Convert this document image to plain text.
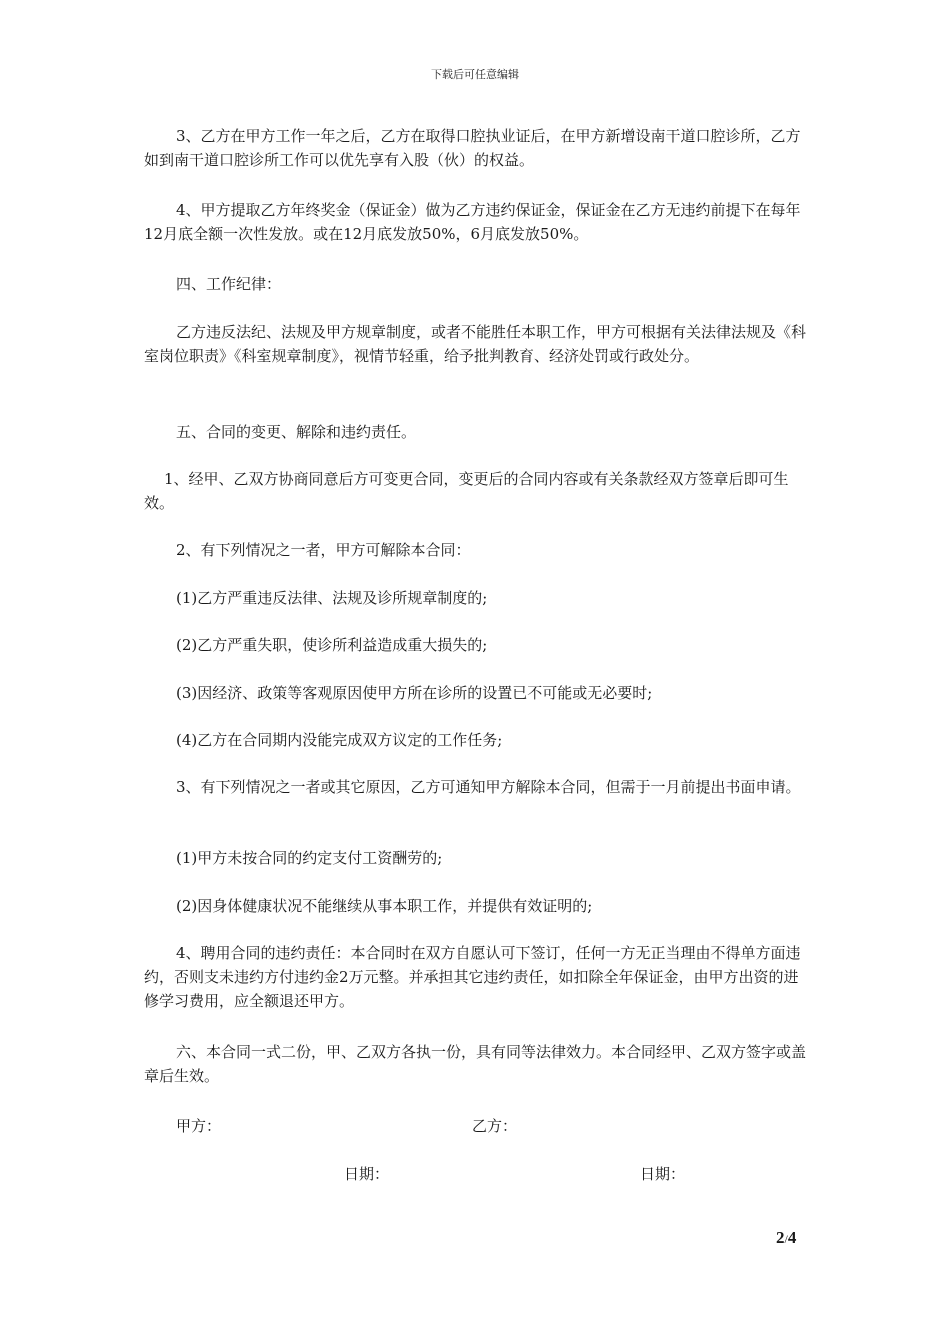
下载后可任意编辑

3、乙方在甲方工作一年之后，乙方在取得口腔执业证后，在甲方新增设南干道口腔诊所，乙方如到南干道口腔诊所工作可以优先享有入股（伙）的权益。

4、甲方提取乙方年终奖金（保证金）做为乙方违约保证金，保证金在乙方无违约前提下在每年12月底全额一次性发放。或在12月底发放50%，6月底发放50%。

四、工作纪律：

乙方违反法纪、法规及甲方规章制度，或者不能胜任本职工作，甲方可根据有关法律法规及《科室岗位职责》《科室规章制度》，视情节轻重，给予批判教育、经济处罚或行政处分。

五、合同的变更、解除和违约责任。

1、经甲、乙双方协商同意后方可变更合同，变更后的合同内容或有关条款经双方签章后即可生效。

2、有下列情况之一者，甲方可解除本合同：

(1)乙方严重违反法律、法规及诊所规章制度的;

(2)乙方严重失职，使诊所利益造成重大损失的;

(3)因经济、政策等客观原因使甲方所在诊所的设置已不可能或无必要时;

(4)乙方在合同期内没能完成双方议定的工作任务;

3、有下列情况之一者或其它原因，乙方可通知甲方解除本合同，但需于一月前提出书面申请。

(1)甲方未按合同的约定支付工资酬劳的;

(2)因身体健康状况不能继续从事本职工作，并提供有效证明的;

4、聘用合同的违约责任：本合同时在双方自愿认可下签订，任何一方无正当理由不得单方面违约，否则支未违约方付违约金2万元整。并承担其它违约责任，如扣除全年保证金，由甲方出资的进修学习费用，应全额退还甲方。

六、本合同一式二份，甲、乙双方各执一份，具有同等法律效力。本合同经甲、乙双方签字或盖章后生效。

甲方：	乙方：
日期：	日期：
2/4
